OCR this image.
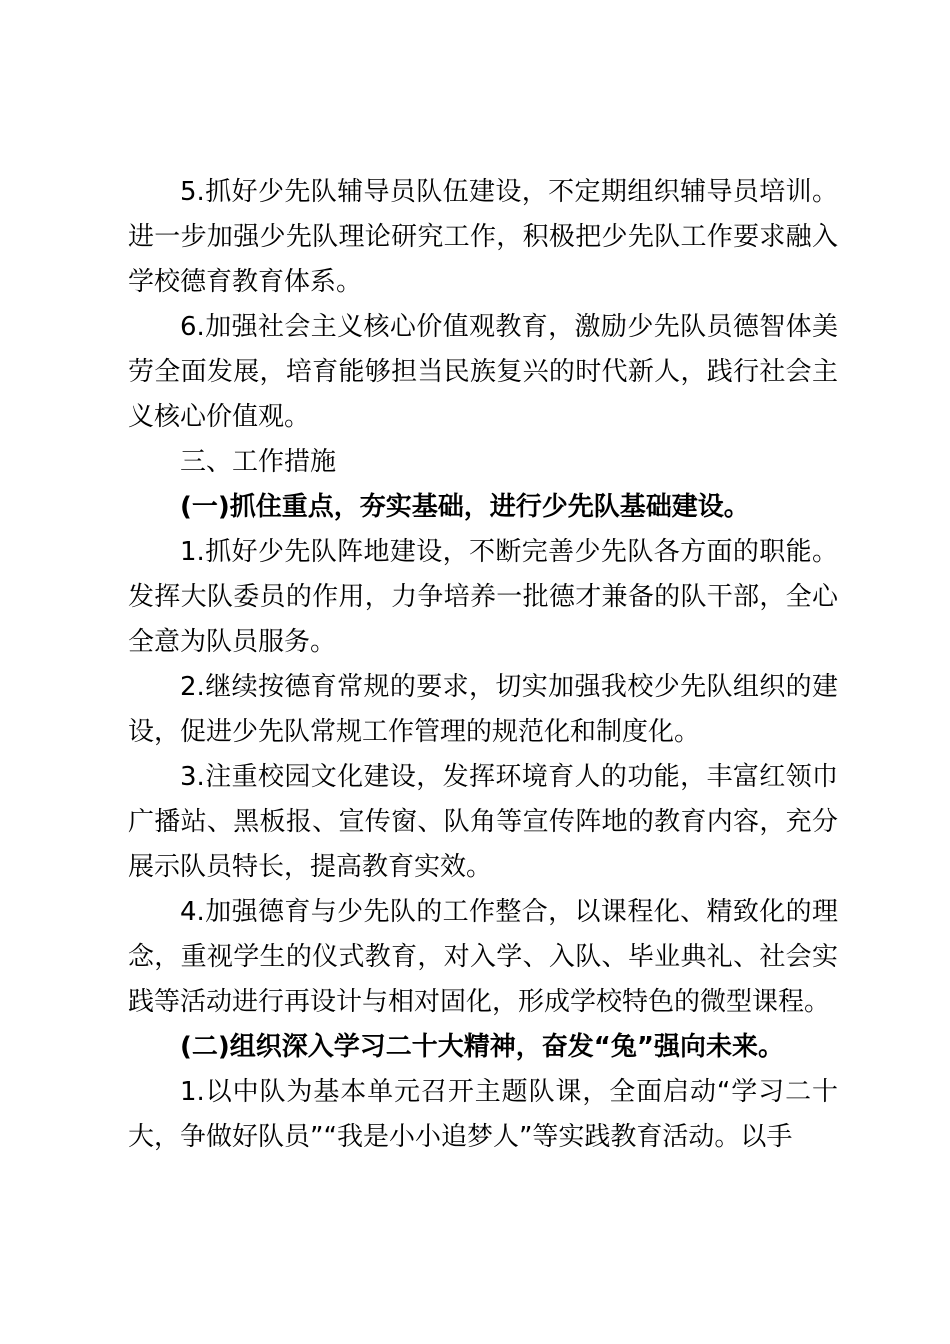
5.抓好少先队辅导员队伍建设，不定期组织辅导员培训。进一步加强少先队理论研究工作，积极把少先队工作要求融入学校德育教育体系。

6.加强社会主义核心价值观教育，激励少先队员德智体美劳全面发展，培育能够担当民族复兴的时代新人，践行社会主义核心价值观。

三、工作措施

(一)抓住重点，夯实基础，进行少先队基础建设。

1.抓好少先队阵地建设，不断完善少先队各方面的职能。发挥大队委员的作用，力争培养一批德才兼备的队干部，全心全意为队员服务。

2.继续按德育常规的要求，切实加强我校少先队组织的建设，促进少先队常规工作管理的规范化和制度化。

3.注重校园文化建设，发挥环境育人的功能，丰富红领巾广播站、黑板报、宣传窗、队角等宣传阵地的教育内容，充分展示队员特长，提高教育实效。

4.加强德育与少先队的工作整合，以课程化、精致化的理念，重视学生的仪式教育，对入学、入队、毕业典礼、社会实践等活动进行再设计与相对固化，形成学校特色的微型课程。

(二)组织深入学习二十大精神，奋发“兔”强向未来。

1.以中队为基本单元召开主题队课，全面启动“学习二十大，争做好队员”“我是小小追梦人”等实践教育活动。以手
